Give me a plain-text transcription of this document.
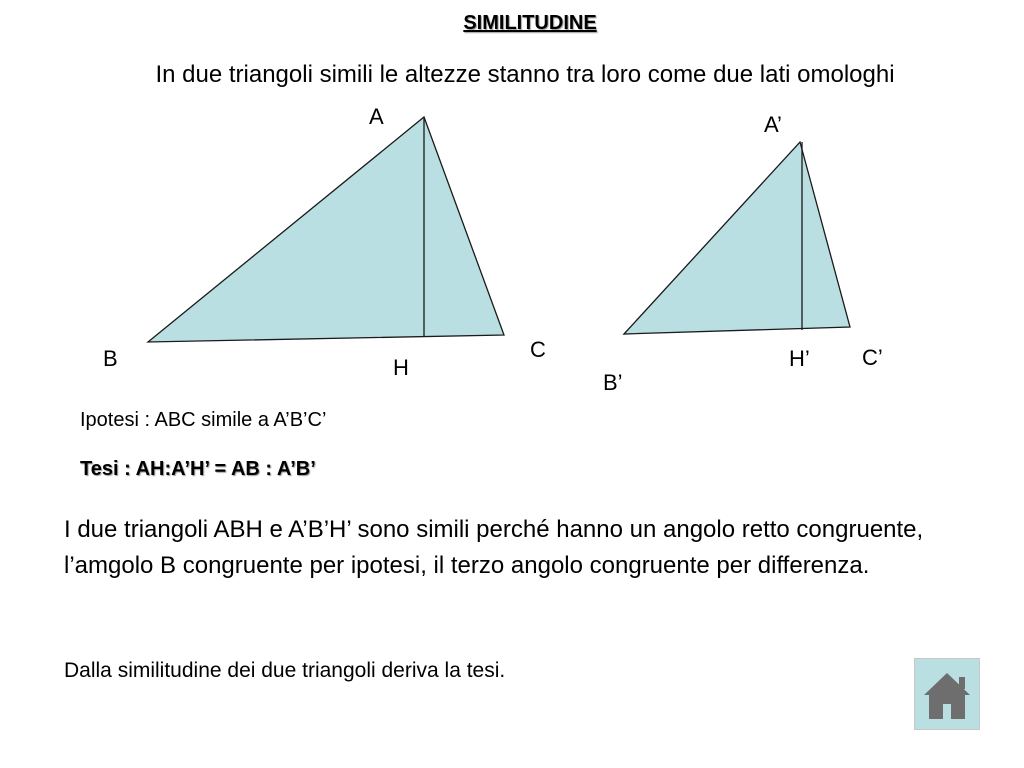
SIMILITUDINE
In due triangoli simili le altezze stanno tra loro come due lati omologhi
A
B	C
H
A’
B’
C’
H’
Ipotesi : ABC simile a A’B’C’
Tesi : AH:A’H’ = AB : A’B’
I due triangoli ABH e A’B’H’ sono simili perché hanno un angolo retto congruente, l’amgolo B congruente per ipotesi, il terzo angolo congruente per differenza.
Dalla similitudine dei due triangoli deriva la tesi.
